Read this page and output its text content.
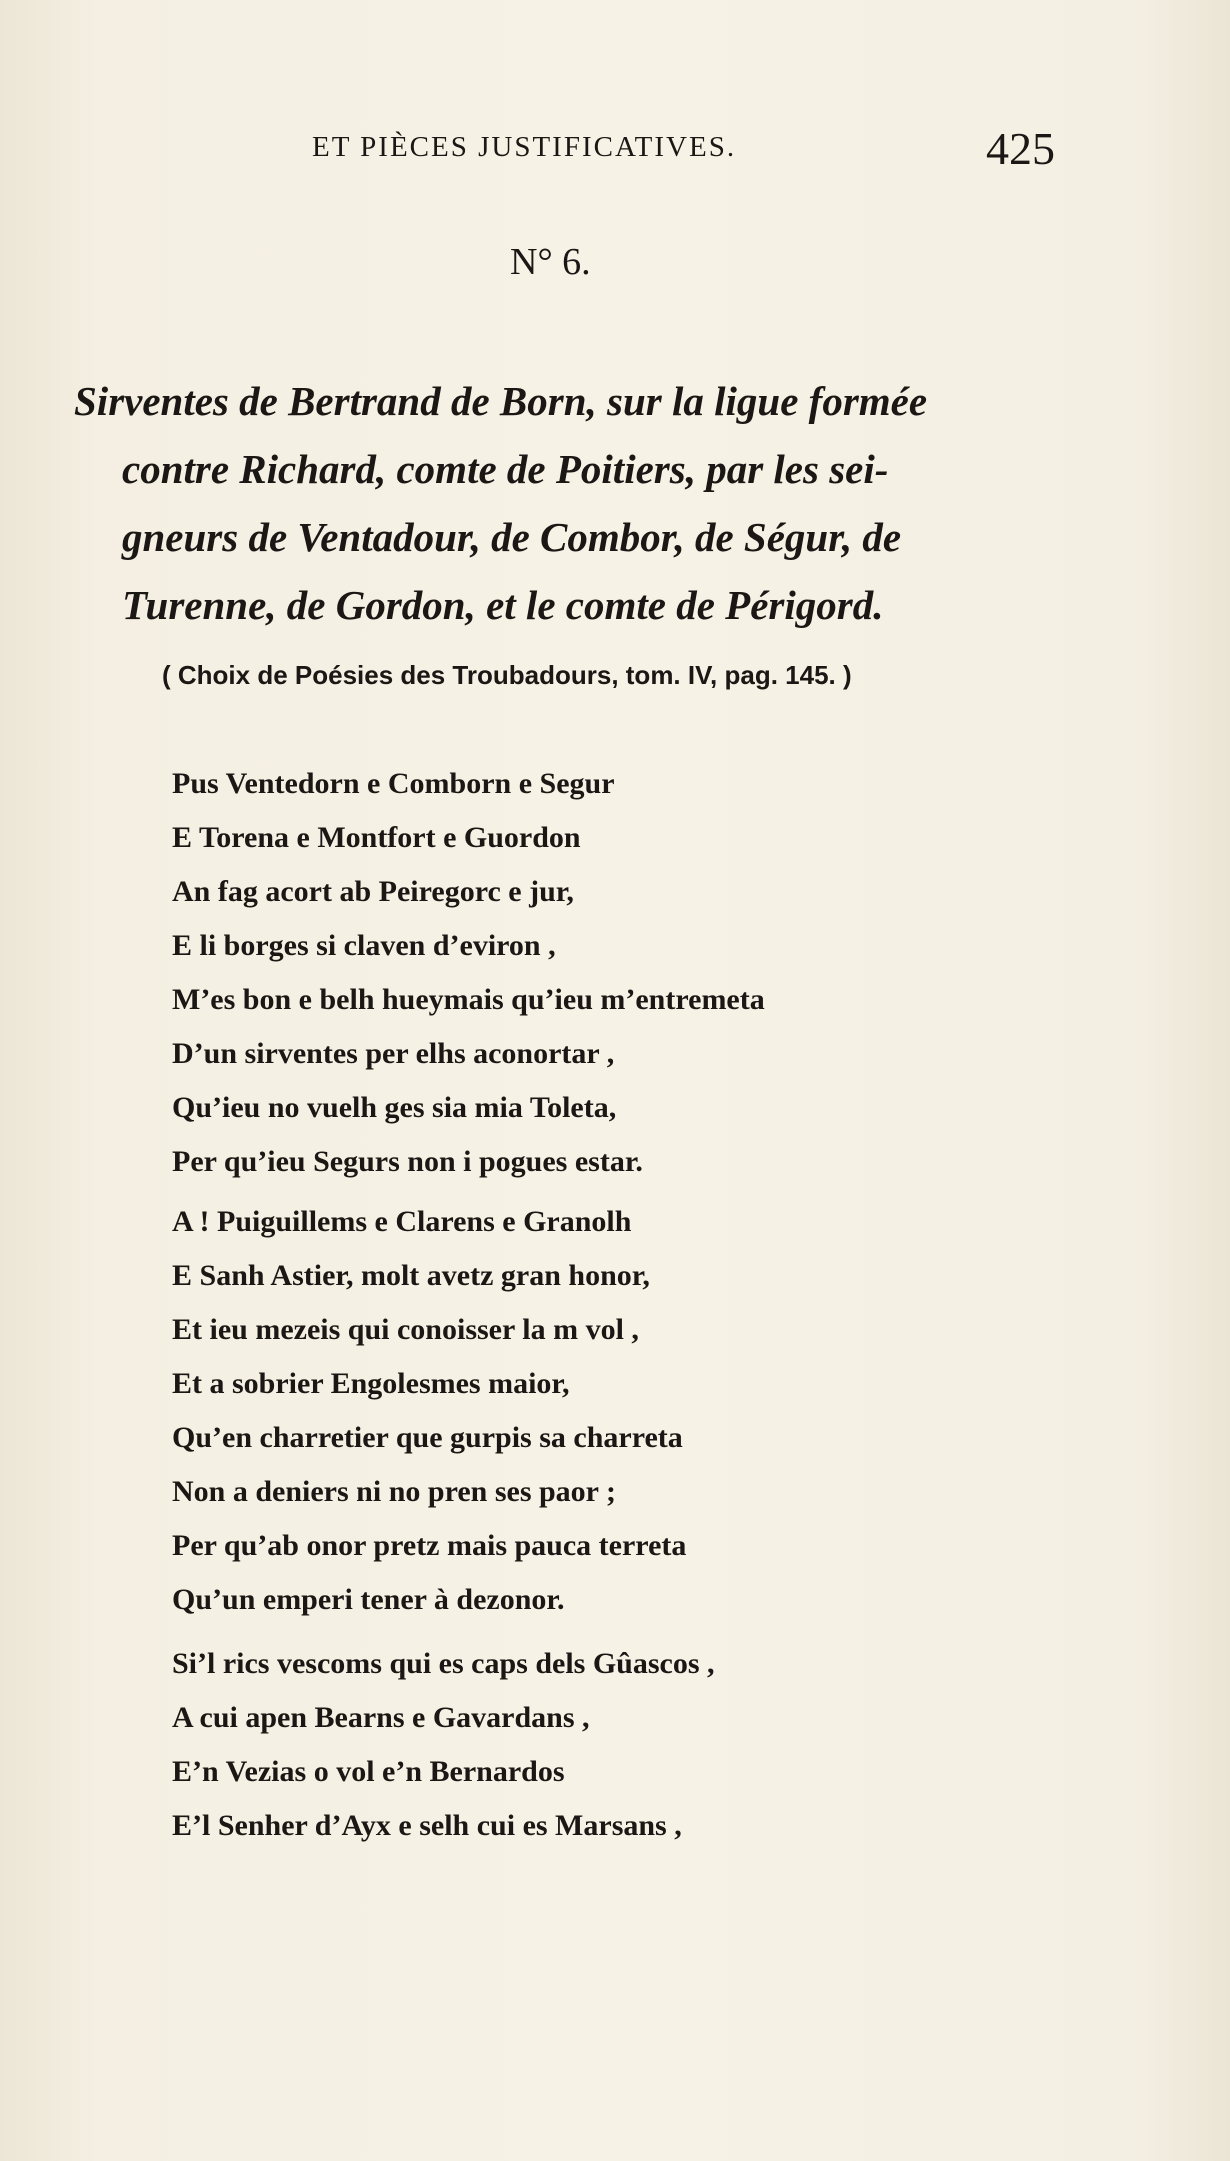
ET PIÈCES JUSTIFICATIVES.	425
N° 6.
Sirventes de Bertrand de Born, sur la ligue formée
contre Richard, comte de Poitiers, par les sei-
gneurs de Ventadour, de Combor, de Ségur, de
Turenne, de Gordon, et le comte de Périgord.
( Choix de Poésies des Troubadours, tom. IV, pag. 145. )
Pus Ventedorn e Comborn e Segur
E Torena e Montfort e Guordon
An fag acort ab Peiregorc e jur,
E li borges si claven d’eviron ,
M’es bon e belh hueymais qu’ieu m’entremeta
D’un sirventes per elhs aconortar ,
Qu’ieu no vuelh ges sia mia Toleta,
Per qu’ieu Segurs non i pogues estar.
A ! Puiguillems e Clarens e Granolh
E Sanh Astier, molt avetz gran honor,
Et ieu mezeis qui conoisser la m vol ,
Et a sobrier Engolesmes maior,
Qu’en charretier que gurpis sa charreta
Non a deniers ni no pren ses paor ;
Per qu’ab onor pretz mais pauca terreta
Qu’un emperi tener à dezonor.
Si’l rics vescoms qui es caps dels Gûascos ,
A cui apen Bearns e Gavardans ,
E’n Vezias o vol e’n Bernardos
E’l Senher d’Ayx e selh cui es Marsans ,
